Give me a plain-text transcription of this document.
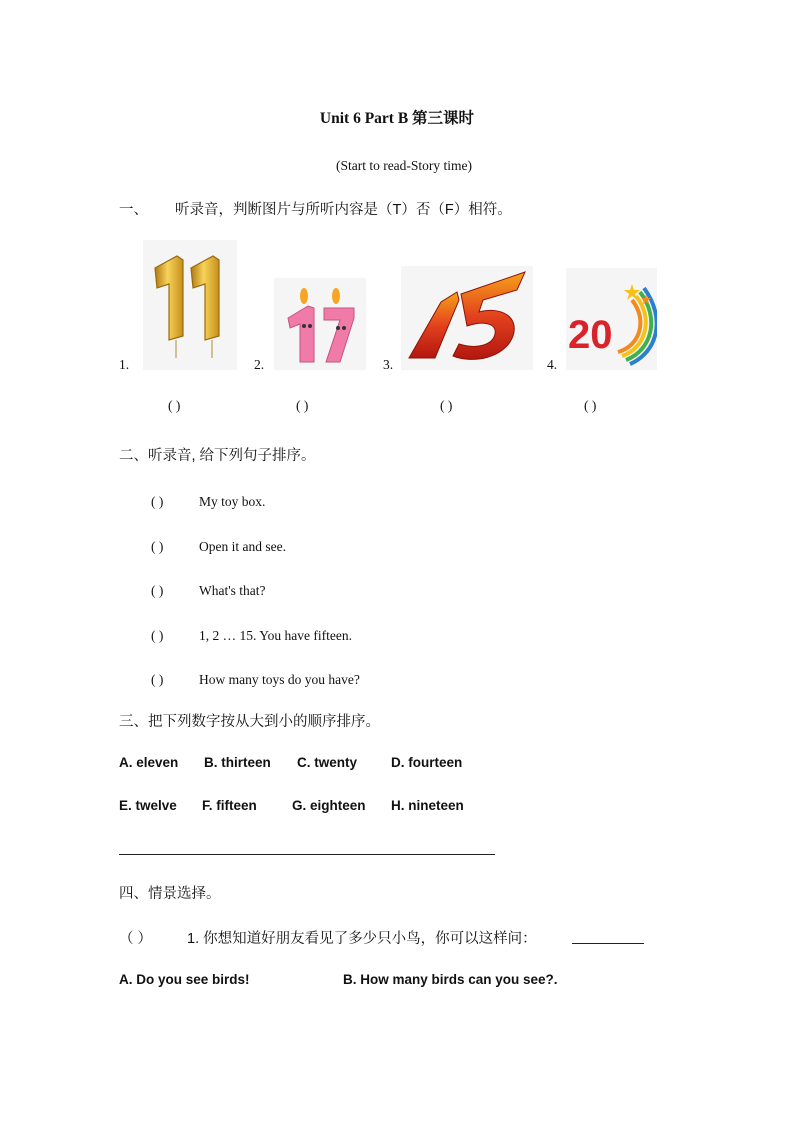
Unit 6 Part B 第三课时
(Start to read-Story time)
一、 听录音，判断图片与所听内容是（T）否（F）相符。
1.
( )
2.
( )
3.
( )
4.
20
( )
二、听录音, 给下列句子排序。
( )	My toy box.
( )	Open it and see.
( )	What's that?
( )	1, 2 … 15. You have fifteen.
( )	How many toys do you have?
三、把下列数字按从大到小的顺序排序。
A. eleven B. thirteen C. twenty	D. fourteen
E. twelve F. fifteen	G. eighteen H. nineteen
四、情景选择。
（ ） 1. 你想知道好朋友看见了多少只小鸟，你可以这样问：
A. Do you see birds!	B. How many birds can you see?.
